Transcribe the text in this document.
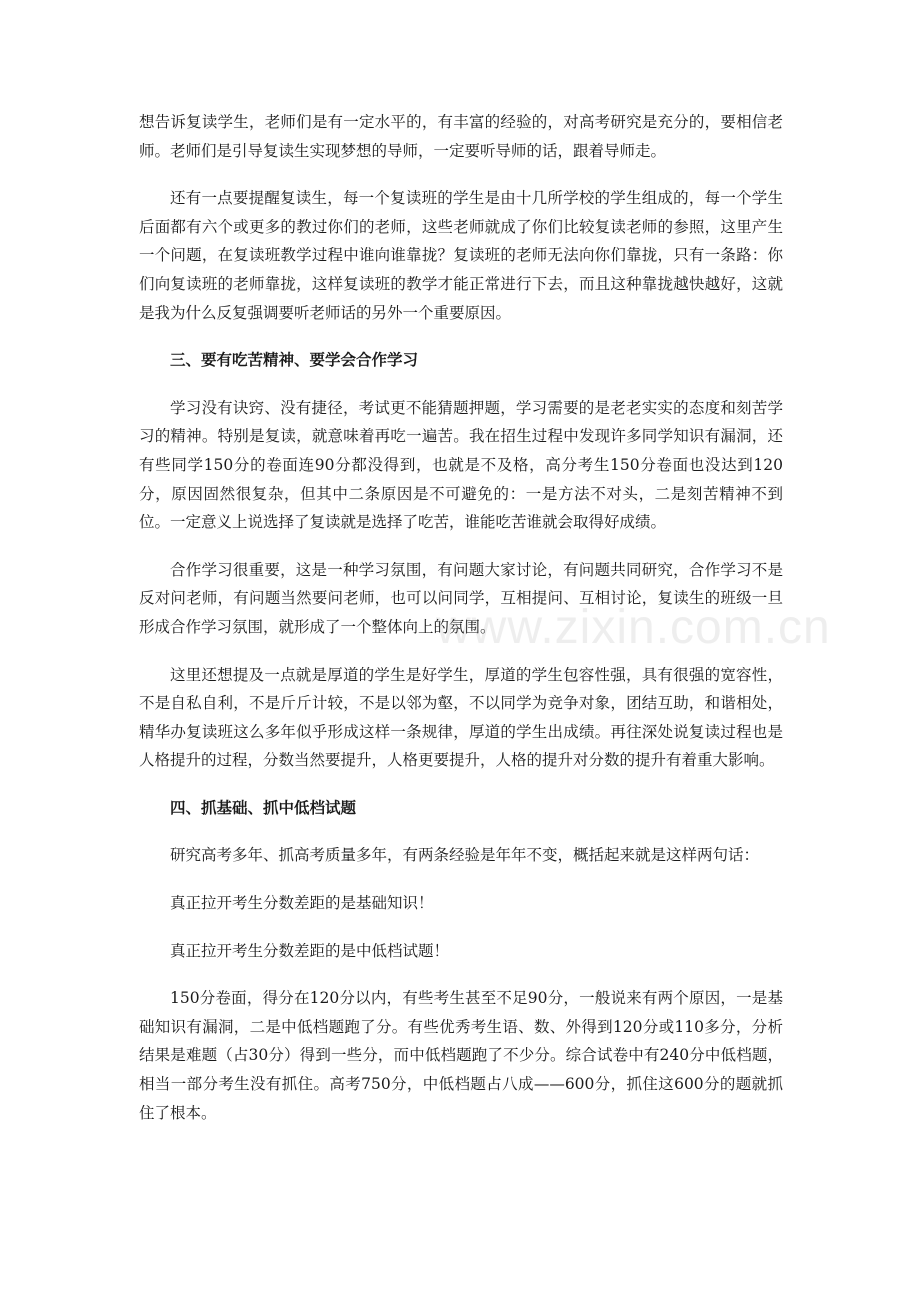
想告诉复读学生，老师们是有一定水平的，有丰富的经验的，对高考研究是充分的，要相信老师。老师们是引导复读生实现梦想的导师，一定要听导师的话，跟着导师走。

还有一点要提醒复读生，每一个复读班的学生是由十几所学校的学生组成的，每一个学生后面都有六个或更多的教过你们的老师，这些老师就成了你们比较复读老师的参照，这里产生一个问题，在复读班教学过程中谁向谁靠拢？复读班的老师无法向你们靠拢，只有一条路：你们向复读班的老师靠拢，这样复读班的教学才能正常进行下去，而且这种靠拢越快越好，这就是我为什么反复强调要听老师话的另外一个重要原因。

三、要有吃苦精神、要学会合作学习

学习没有诀窍、没有捷径，考试更不能猜题押题，学习需要的是老老实实的态度和刻苦学习的精神。特别是复读，就意味着再吃一遍苦。我在招生过程中发现许多同学知识有漏洞，还有些同学150分的卷面连90分都没得到，也就是不及格，高分考生150分卷面也没达到120分，原因固然很复杂，但其中二条原因是不可避免的：一是方法不对头，二是刻苦精神不到位。一定意义上说选择了复读就是选择了吃苦，谁能吃苦谁就会取得好成绩。

合作学习很重要，这是一种学习氛围，有问题大家讨论，有问题共同研究，合作学习不是反对问老师，有问题当然要问老师，也可以问同学，互相提问、互相讨论，复读生的班级一旦形成合作学习氛围，就形成了一个整体向上的氛围。

这里还想提及一点就是厚道的学生是好学生，厚道的学生包容性强，具有很强的宽容性，不是自私自利，不是斤斤计较，不是以邻为壑，不以同学为竞争对象，团结互助，和谐相处，精华办复读班这么多年似乎形成这样一条规律，厚道的学生出成绩。再往深处说复读过程也是人格提升的过程，分数当然要提升，人格更要提升，人格的提升对分数的提升有着重大影响。

四、抓基础、抓中低档试题

研究高考多年、抓高考质量多年，有两条经验是年年不变，概括起来就是这样两句话：

真正拉开考生分数差距的是基础知识！

真正拉开考生分数差距的是中低档试题！

150分卷面，得分在120分以内，有些考生甚至不足90分，一般说来有两个原因，一是基础知识有漏洞，二是中低档题跑了分。有些优秀考生语、数、外得到120分或110多分，分析结果是难题（占30分）得到一些分，而中低档题跑了不少分。综合试卷中有240分中低档题，相当一部分考生没有抓住。高考750分，中低档题占八成——600分，抓住这600分的题就抓住了根本。

www.zixin.com.cn
